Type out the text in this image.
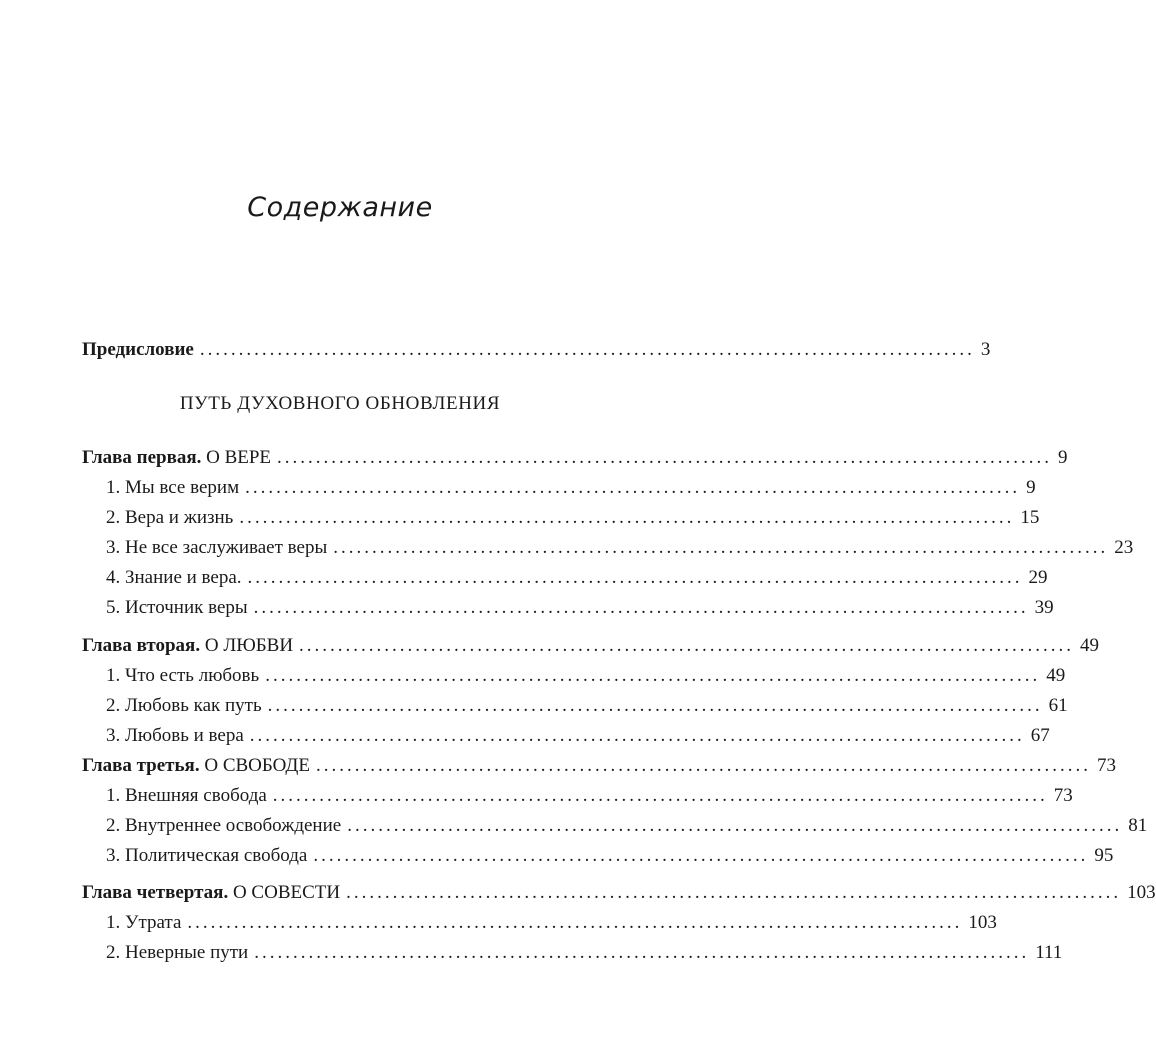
Содержание
Предисловие .................................................................................................... 3
ПУТЬ ДУХОВНОГО ОБНОВЛЕНИЯ
Глава первая. О ВЕРЕ .................................................................................................... 9
1. Мы все верим .................................................................................................... 9
2. Вера и жизнь .................................................................................................... 15
3. Не все заслуживает веры .................................................................................................... 23
4. Знание и вера. .................................................................................................... 29
5. Источник веры .................................................................................................... 39
Глава вторая. О ЛЮБВИ .................................................................................................... 49
1. Что есть любовь .................................................................................................... 49
2. Любовь как путь .................................................................................................... 61
3. Любовь и вера .................................................................................................... 67
Глава третья. О СВОБОДЕ .................................................................................................... 73
1. Внешняя свобода .................................................................................................... 73
2. Внутреннее освобождение .................................................................................................... 81
3. Политическая свобода .................................................................................................... 95
Глава четвертая. О СОВЕСТИ .................................................................................................... 103
1. Утрата .................................................................................................... 103
2. Неверные пути .................................................................................................... 111
